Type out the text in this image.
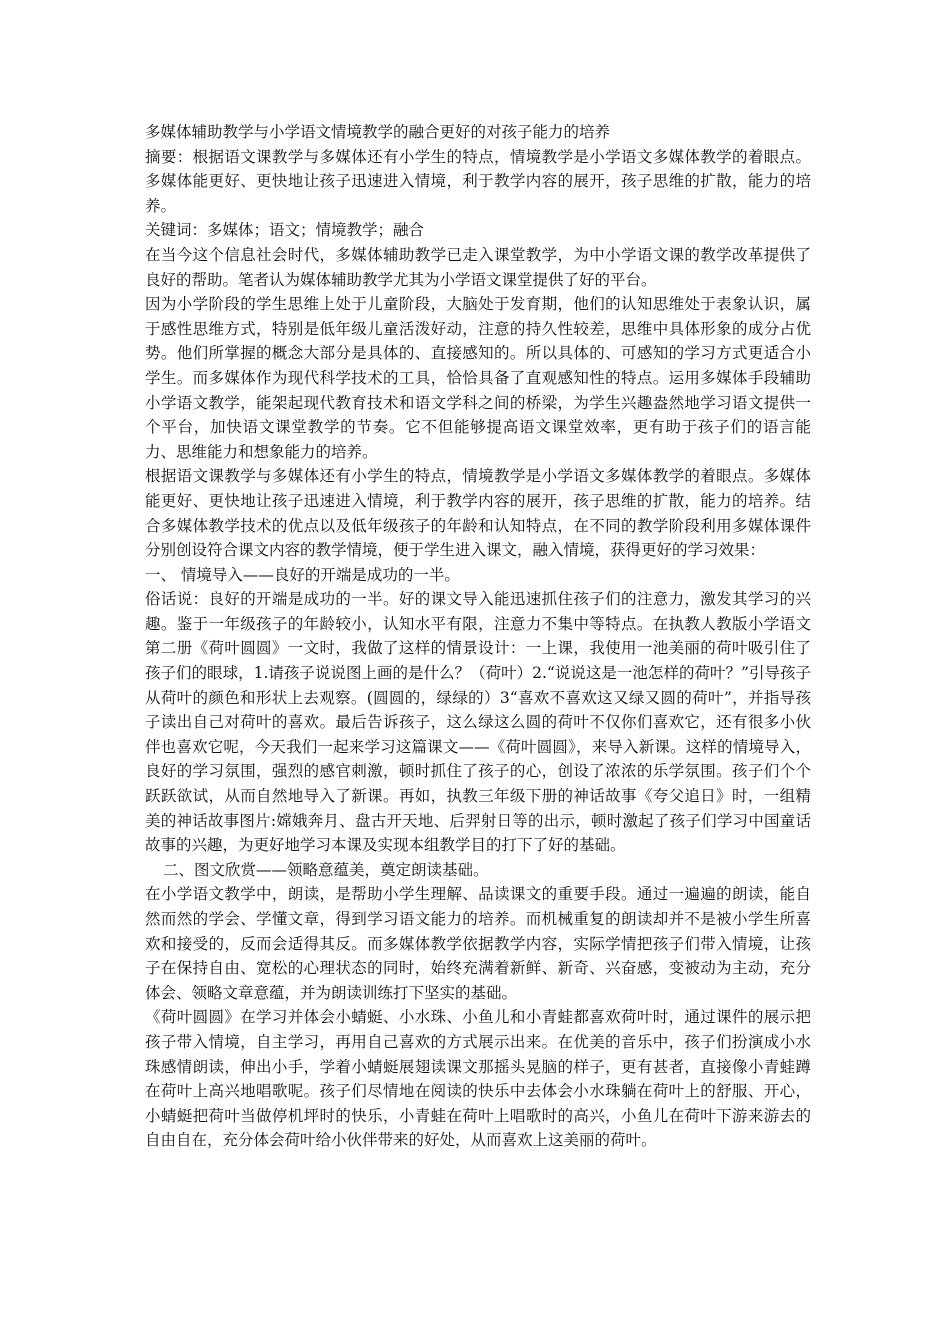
多媒体辅助教学与小学语文情境教学的融合更好的对孩子能力的培养

摘要：根据语文课教学与多媒体还有小学生的特点，情境教学是小学语文多媒体教学的着眼点。多媒体能更好、更快地让孩子迅速进入情境，利于教学内容的展开，孩子思维的扩散，能力的培养。

关键词：多媒体；语文；情境教学；融合

在当今这个信息社会时代，多媒体辅助教学已走入课堂教学，为中小学语文课的教学改革提供了良好的帮助。笔者认为媒体辅助教学尤其为小学语文课堂提供了好的平台。

因为小学阶段的学生思维上处于儿童阶段，大脑处于发育期，他们的认知思维处于表象认识，属于感性思维方式，特别是低年级儿童活泼好动，注意的持久性较差，思维中具体形象的成分占优势。他们所掌握的概念大部分是具体的、直接感知的。所以具体的、可感知的学习方式更适合小学生。而多媒体作为现代科学技术的工具，恰恰具备了直观感知性的特点。运用多媒体手段辅助小学语文教学，能架起现代教育技术和语文学科之间的桥梁，为学生兴趣盎然地学习语文提供一个平台，加快语文课堂教学的节奏。它不但能够提高语文课堂效率，更有助于孩子们的语言能力、思维能力和想象能力的培养。

根据语文课教学与多媒体还有小学生的特点，情境教学是小学语文多媒体教学的着眼点。多媒体能更好、更快地让孩子迅速进入情境，利于教学内容的展开，孩子思维的扩散，能力的培养。结合多媒体教学技术的优点以及低年级孩子的年龄和认知特点，在不同的教学阶段利用多媒体课件分别创设符合课文内容的教学情境，便于学生进入课文，融入情境，获得更好的学习效果：

一、 情境导入——良好的开端是成功的一半。

俗话说：良好的开端是成功的一半。好的课文导入能迅速抓住孩子们的注意力，激发其学习的兴趣。鉴于一年级孩子的年龄较小，认知水平有限，注意力不集中等特点。在执教人教版小学语文第二册《荷叶圆圆》一文时，我做了这样的情景设计：一上课，我使用一池美丽的荷叶吸引住了孩子们的眼球，1.请孩子说说图上画的是什么？（荷叶）2.“说说这是一池怎样的荷叶？”引导孩子从荷叶的颜色和形状上去观察。(圆圆的，绿绿的）3“喜欢不喜欢这又绿又圆的荷叶”，并指导孩子读出自己对荷叶的喜欢。最后告诉孩子，这么绿这么圆的荷叶不仅你们喜欢它，还有很多小伙伴也喜欢它呢，今天我们一起来学习这篇课文——《荷叶圆圆》，来导入新课。这样的情境导入，良好的学习氛围，强烈的感官刺激，顿时抓住了孩子的心，创设了浓浓的乐学氛围。孩子们个个跃跃欲试，从而自然地导入了新课。再如，执教三年级下册的神话故事《夸父追日》时，一组精美的神话故事图片:嫦娥奔月、盘古开天地、后羿射日等的出示，顿时激起了孩子们学习中国童话故事的兴趣，为更好地学习本课及实现本组教学目的打下了好的基础。

二、图文欣赏——领略意蕴美，奠定朗读基础。

在小学语文教学中，朗读，是帮助小学生理解、品读课文的重要手段。通过一遍遍的朗读，能自然而然的学会、学懂文章，得到学习语文能力的培养。而机械重复的朗读却并不是被小学生所喜欢和接受的，反而会适得其反。而多媒体教学依据教学内容，实际学情把孩子们带入情境，让孩子在保持自由、宽松的心理状态的同时，始终充满着新鲜、新奇、兴奋感，变被动为主动，充分体会、领略文章意蕴，并为朗读训练打下坚实的基础。

《荷叶圆圆》在学习并体会小蜻蜓、小水珠、小鱼儿和小青蛙都喜欢荷叶时，通过课件的展示把孩子带入情境，自主学习，再用自己喜欢的方式展示出来。在优美的音乐中，孩子们扮演成小水珠感情朗读，伸出小手，学着小蜻蜓展翅读课文那摇头晃脑的样子，更有甚者，直接像小青蛙蹲在荷叶上高兴地唱歌呢。孩子们尽情地在阅读的快乐中去体会小水珠躺在荷叶上的舒服、开心，小蜻蜓把荷叶当做停机坪时的快乐，小青蛙在荷叶上唱歌时的高兴，小鱼儿在荷叶下游来游去的自由自在，充分体会荷叶给小伙伴带来的好处，从而喜欢上这美丽的荷叶。
